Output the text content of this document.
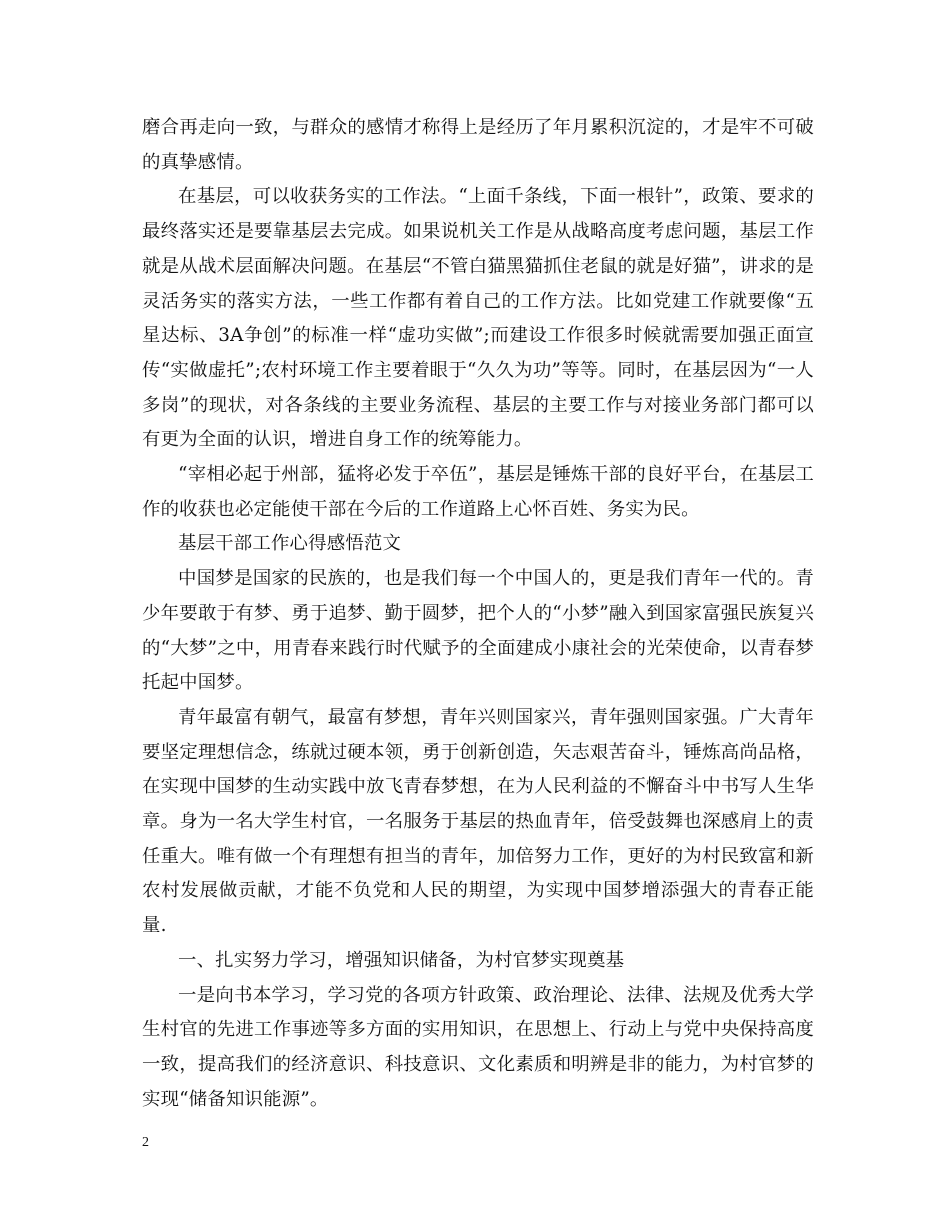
磨合再走向一致，与群众的感情才称得上是经历了年月累积沉淀的，才是牢不可破的真挚感情。

在基层，可以收获务实的工作法。“上面千条线，下面一根针”，政策、要求的最终落实还是要靠基层去完成。如果说机关工作是从战略高度考虑问题，基层工作就是从战术层面解决问题。在基层“不管白猫黑猫抓住老鼠的就是好猫”，讲求的是灵活务实的落实方法，一些工作都有着自己的工作方法。比如党建工作就要像“五星达标、3A争创”的标准一样“虚功实做”;而建设工作很多时候就需要加强正面宣传“实做虚托”;农村环境工作主要着眼于“久久为功”等等。同时，在基层因为“一人多岗”的现状，对各条线的主要业务流程、基层的主要工作与对接业务部门都可以有更为全面的认识，增进自身工作的统筹能力。

“宰相必起于州部，猛将必发于卒伍”，基层是锤炼干部的良好平台，在基层工作的收获也必定能使干部在今后的工作道路上心怀百姓、务实为民。

基层干部工作心得感悟范文

中国梦是国家的民族的，也是我们每一个中国人的，更是我们青年一代的。青少年要敢于有梦、勇于追梦、勤于圆梦，把个人的“小梦”融入到国家富强民族复兴的“大梦”之中，用青春来践行时代赋予的全面建成小康社会的光荣使命，以青春梦托起中国梦。

青年最富有朝气，最富有梦想，青年兴则国家兴，青年强则国家强。广大青年要坚定理想信念，练就过硬本领，勇于创新创造，矢志艰苦奋斗，锤炼高尚品格，在实现中国梦的生动实践中放飞青春梦想，在为人民利益的不懈奋斗中书写人生华章。身为一名大学生村官，一名服务于基层的热血青年，倍受鼓舞也深感肩上的责任重大。唯有做一个有理想有担当的青年，加倍努力工作，更好的为村民致富和新农村发展做贡献，才能不负党和人民的期望，为实现中国梦增添强大的青春正能量.

一、扎实努力学习，增强知识储备，为村官梦实现奠基

一是向书本学习，学习党的各项方针政策、政治理论、法律、法规及优秀大学生村官的先进工作事迹等多方面的实用知识，在思想上、行动上与党中央保持高度一致，提高我们的经济意识、科技意识、文化素质和明辨是非的能力，为村官梦的实现“储备知识能源”。

2
